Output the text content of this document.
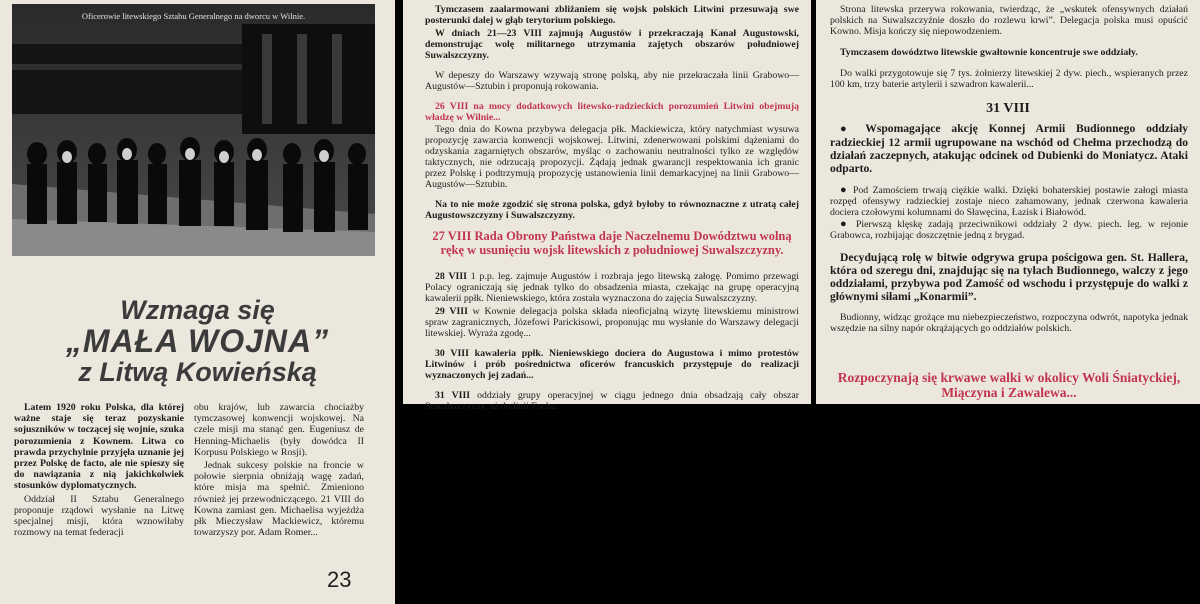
Oficerowie litewskiego Sztabu Generalnego na dworcu w Wilnie.
Wzmaga się
„MAŁA WOJNA”
z Litwą Kowieńską

Latem 1920 roku Polska, dla której ważne staje się teraz pozyskanie sojuszników w toczącej się wojnie, szuka porozumienia z Kownem. Litwa co prawda przychylnie przyjęła uznanie jej przez Polskę de facto, ale nie spieszy się do nawiązania z nią jakichkolwiek stosunków dyplomatycznych.

Oddział II Sztabu Generalnego proponuje rządowi wysłanie na Litwę specjalnej misji, która wznowiłaby rozmowy na temat federacji

obu krajów, lub zawarcia chociażby tymczasowej konwencji wojskowej. Na czele misji ma stanąć gen. Eugeniusz de Henning-Michaelis (były dowódca II Korpusu Polskiego w Rosji).

Jednak sukcesy polskie na froncie w połowie sierpnia obniżają wagę zadań, które misja ma spełnić. Zmieniono również jej przewodniczącego. 21 VIII do Kowna zamiast gen. Michaelisa wyjeżdża płk Mieczysław Mackiewicz, któremu towarzyszy por. Adam Romer...

23

Tymczasem zaalarmowani zbliżaniem się wojsk polskich Litwini przesuwają swe posterunki dalej w głąb terytorium polskiego.

W dniach 21—23 VIII zajmują Augustów i przekraczają Kanał Augustowski, demonstrując wolę militarnego utrzymania zajętych obszarów południowej Suwalszczyzny.

W depeszy do Warszawy wzywają stronę polską, aby nie przekraczała linii Grabowo—Augustów—Sztubin i proponują rokowania.

26 VIII na mocy dodatkowych litewsko-radzieckich porozumień Litwini obejmują władzę w Wilnie...

Tego dnia do Kowna przybywa delegacja płk. Mackiewicza, który natychmiast wysuwa propozycję zawarcia konwencji wojskowej. Litwini, zdenerwowani polskimi dążeniami do odzyskania zagarniętych obszarów, myśląc o zachowaniu neutralności tylko ze względów taktycznych, nie odrzucają propozycji. Żądają jednak gwarancji respektowania ich granic przez Polskę i podtrzymują propozycję ustanowienia linii demarkacyjnej na linii Grabowo—Augustów—Sztubin.

Na to nie może zgodzić się strona polska, gdyż byłoby to równoznaczne z utratą całej Augustowszczyzny i Suwalszczyzny.

27 VIII Rada Obrony Państwa daje Naczelnemu Dowództwu wolną rękę w usunięciu wojsk litewskich z południowej Suwalszczyzny.

28 VIII 1 p.p. leg. zajmuje Augustów i rozbraja jego litewską załogę. Pomimo przewagi Polacy ograniczają się jednak tylko do obsadzenia miasta, czekając na grupę operacyjną kawalerii ppłk. Nieniewskiego, która została wyznaczona do zajęcia Suwalszczyzny.

29 VIII w Kownie delegacja polska składa nieoficjalną wizytę litewskiemu ministrowi spraw zagranicznych, Józefowi Parickisowi, proponując mu wysłanie do Warszawy delegacji litewskiej. Wyraża zgodę...

30 VIII kawaleria ppłk. Nieniewskiego dociera do Augustowa i mimo protestów Litwinów i prób pośrednictwa oficerów francuskich przystępuje do realizacji wyznaczonych jej zadań...

31 VIII oddziały grupy operacyjnej w ciągu jednego dnia obsadzają cały obszar Suwalszczyzny, aż do linii Focha.

Strona litewska przerywa rokowania, twierdząc, że „wskutek ofensywnych działań polskich na Suwalszczyźnie doszło do rozlewu krwi”. Delegacja polska musi opuścić Kowno. Misja kończy się niepowodzeniem.

Tymczasem dowództwo litewskie gwałtownie koncentruje swe oddziały.

Do walki przygotowuje się 7 tys. żołnierzy litewskiej 2 dyw. piech., wspieranych przez 100 km, trzy baterie artylerii i szwadron kawalerii...

31 VIII

● Wspomagające akcję Konnej Armii Budionnego oddziały radzieckiej 12 armii ugrupowane na wschód od Chełma przechodzą do działań zaczepnych, atakując odcinek od Dubienki do Moniatycz. Ataki odparto.

● Pod Zamościem trwają ciężkie walki. Dzięki bohaterskiej postawie załogi miasta rozpęd ofensywy radzieckiej zostaje nieco zahamowany, jednak czerwona kawaleria dociera czołowymi kolumnami do Sławęcina, Łazisk i Białowód.

● Pierwszą klęskę zadają przeciwnikowi oddziały 2 dyw. piech. leg. w rejonie Grabowca, rozbijając doszczętnie jedną z brygad.

Decydującą rolę w bitwie odgrywa grupa pościgowa gen. St. Hallera, która od szeregu dni, znajdując się na tyłach Budionnego, walczy z jego oddziałami, przybywa pod Zamość od wschodu i przystępuje do walki z głównymi siłami „Konarmii”.

Budionny, widząc grożące mu niebezpieczeństwo, rozpoczyna odwrót, napotyka jednak wszędzie na silny napór okrążających go oddziałów polskich.

Rozpoczynają się krwawe walki w okolicy Woli Śniatyckiej, Miączyna i Zawalewa...
